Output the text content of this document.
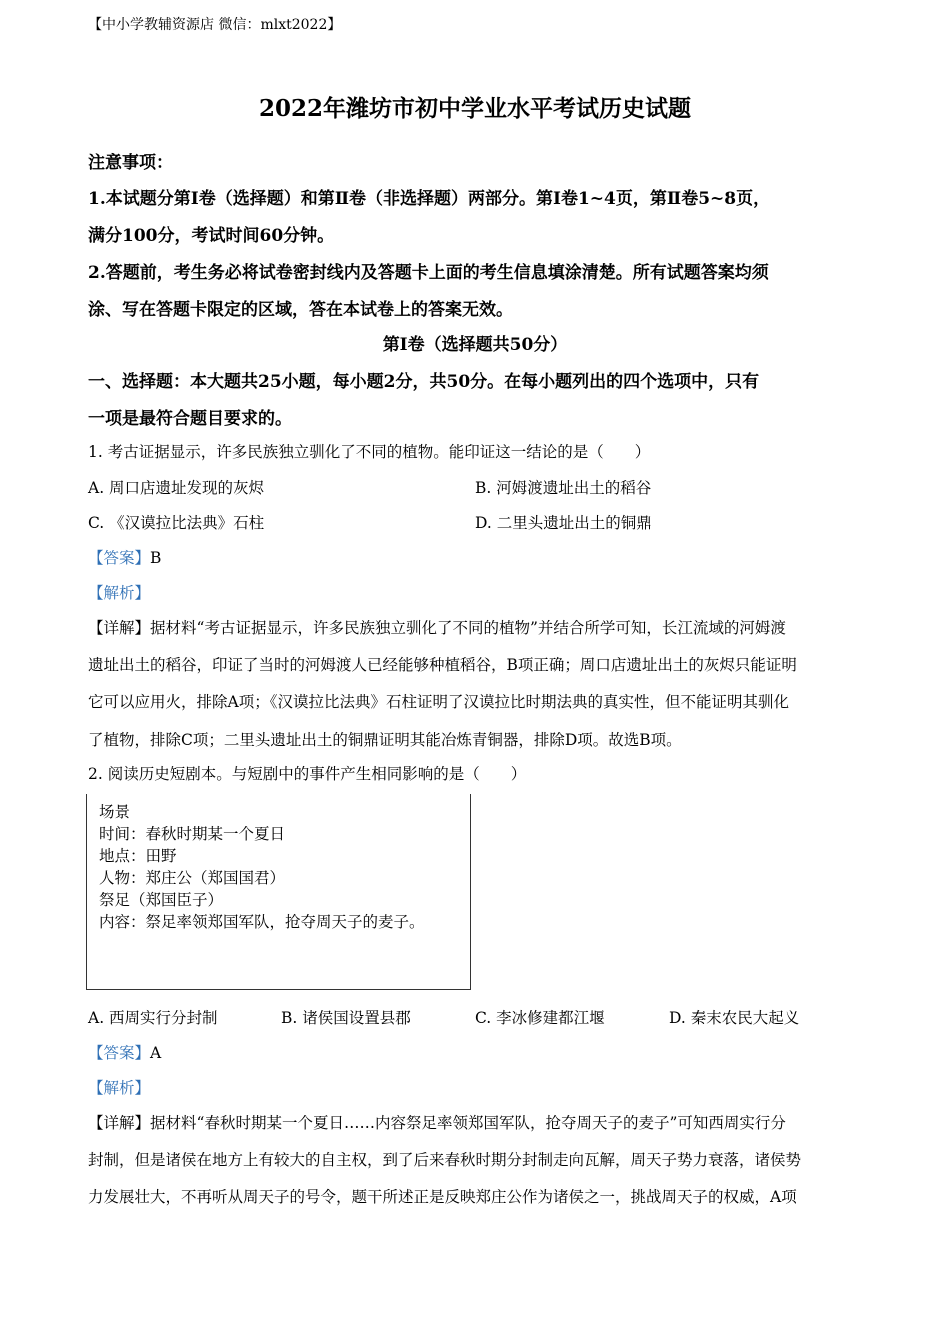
【中小学教辅资源店 微信：mlxt2022】
2022年潍坊市初中学业水平考试历史试题
注意事项：
1.本试题分第Ⅰ卷（选择题）和第Ⅱ卷（非选择题）两部分。第Ⅰ卷1~4页，第Ⅱ卷5~8页，
满分100分，考试时间60分钟。
2.答题前，考生务必将试卷密封线内及答题卡上面的考生信息填涂清楚。所有试题答案均须
涂、写在答题卡限定的区域，答在本试卷上的答案无效。
第Ⅰ卷（选择题共50分）
一、选择题：本大题共25小题，每小题2分，共50分。在每小题列出的四个选项中，只有
一项是最符合题目要求的。
1. 考古证据显示，许多民族独立驯化了不同的植物。能印证这一结论的是（　　）
A. 周口店遗址发现的灰烬	B. 河姆渡遗址出土的稻谷
C. 《汉谟拉比法典》石柱	D. 二里头遗址出土的铜鼎
【答案】B
【解析】
【详解】据材料“考古证据显示，许多民族独立驯化了不同的植物”并结合所学可知，长江流域的河姆渡
遗址出土的稻谷，印证了当时的河姆渡人已经能够种植稻谷，B项正确；周口店遗址出土的灰烬只能证明
它可以应用火，排除A项；《汉谟拉比法典》石柱证明了汉谟拉比时期法典的真实性，但不能证明其驯化
了植物，排除C项；二里头遗址出土的铜鼎证明其能冶炼青铜器，排除D项。故选B项。
2. 阅读历史短剧本。与短剧中的事件产生相同影响的是（　　）
场景
时间：春秋时期某一个夏日
地点：田野
人物：郑庄公（郑国国君）
祭足（郑国臣子）
内容：祭足率领郑国军队，抢夺周天子的麦子。
A. 西周实行分封制	B. 诸侯国设置县郡	C. 李冰修建都江堰	D. 秦末农民大起义
【答案】A
【解析】
【详解】据材料“春秋时期某一个夏日……内容祭足率领郑国军队，抢夺周天子的麦子”可知西周实行分
封制，但是诸侯在地方上有较大的自主权，到了后来春秋时期分封制走向瓦解，周天子势力衰落，诸侯势
力发展壮大，不再听从周天子的号令，题干所述正是反映郑庄公作为诸侯之一，挑战周天子的权威，A项
